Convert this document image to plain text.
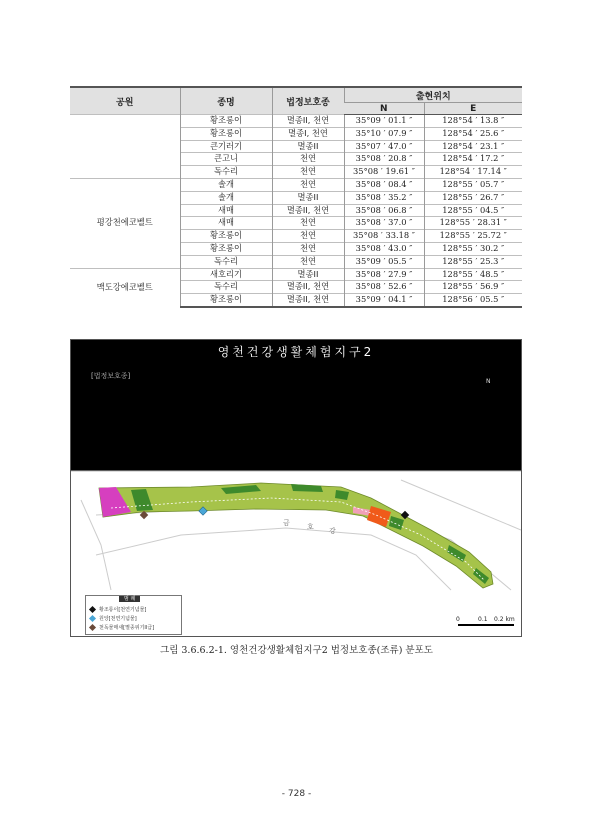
공원	종명	법정보호종	출현위치	
			N	E
	황조롱이	멸종II, 천연	35°09 ′ 01.1 ″	128°54 ′ 13.8 ″
	황조롱이	멸종I, 천연	35°10 ′ 07.9 ″	128°54 ′ 25.6 ″
	큰기러기	멸종II	35°07 ′ 47.0 ″	128°54 ′ 23.1 ″
	큰고니	천연	35°08 ′ 20.8 ″	128°54 ′ 17.2 ″
	독수리	천연	35°08 ′ 19.61 ″	128°54 ′ 17.14 ″
평강천에코벨트	솔개	천연	35°08 ′ 08.4 ″	128°55 ′ 05.7 ″
	솔개	멸종II	35°08 ′ 35.2 ″	128°55 ′ 26.7 ″
	새매	멸종II, 천연	35°08 ′ 06.8 ″	128°55 ′ 04.5 ″
	새매	천연	35°08 ′ 37.0 ″	128°55 ′ 28.31 ″
	황조롱이	천연	35°08 ′ 33.18 ″	128°55 ′ 25.72 ″
	황조롱이	천연	35°08 ′ 43.0 ″	128°55 ′ 30.2 ″
	독수리	천연	35°09 ′ 05.5 ″	128°55 ′ 25.3 ″
맥도강에코벨트	새호리기	멸종II	35°08 ′ 27.9 ″	128°55 ′ 48.5 ″
	독수리	멸종II, 천연	35°08 ′ 52.6 ″	128°55 ′ 56.9 ″
	황조롱이	멸종II, 천연	35°09 ′ 04.1 ″	128°56 ′ 05.5 ″
영천건강생활체험지구2
[법정보호종]
N
금 호 강
범 례
황조롱이[천연기념물]
원앙[천연기념물]
천독물매새[멸종위기II급]
0	0.1 0.2 km
그림 3.6.6.2-1. 영천건강생활체험지구2 법정보호종(조류) 분포도
- 728 -
